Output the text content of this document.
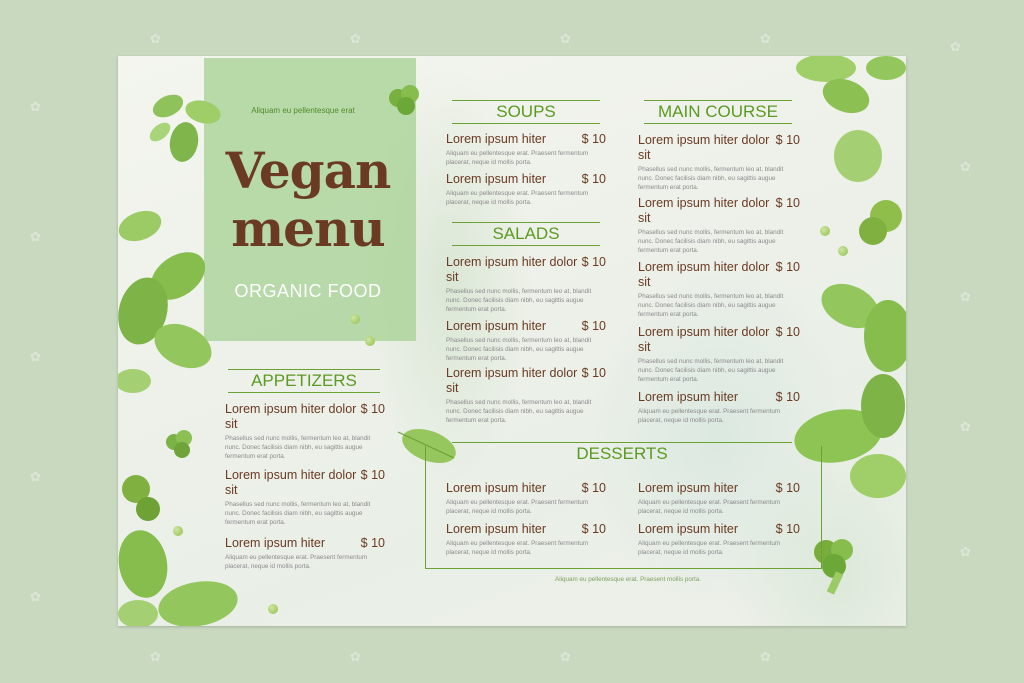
✿	✿	✿	✿
✿
✿
✿
✿
✿
✿
✿
✿
✿
✿
✿	✿	✿	✿
Aliquam eu pellentesque erat
Vegan
menu
ORGANIC FOOD
APPETIZERS
Lorem ipsum hiter dolor sit
$ 10
Phasellus sed nunc mollis, fermentum leo at, blandit nunc. Donec facilisis diam nibh, eu sagittis augue fermentum erat porta.
Lorem ipsum hiter dolor sit
$ 10
Phasellus sed nunc mollis, fermentum leo at, blandit nunc. Donec facilisis diam nibh, eu sagittis augue fermentum erat porta.
Lorem ipsum hiter	$ 10
Aliquam eu pellentesque erat. Praesent fermentum placerat, neque id mollis porta.
SOUPS
Lorem ipsum hiter	$ 10
Aliquam eu pellentesque erat. Praesent fermentum placerat, neque id mollis porta.
Lorem ipsum hiter	$ 10
Aliquam eu pellentesque erat. Praesent fermentum placerat, neque id mollis porta.
SALADS
Lorem ipsum hiter dolor sit
$ 10
Phasellus sed nunc mollis, fermentum leo at, blandit nunc. Donec facilisis diam nibh, eu sagittis augue fermentum erat porta.
Lorem ipsum hiter	$ 10
Phasellus sed nunc mollis, fermentum leo at, blandit nunc. Donec facilisis diam nibh, eu sagittis augue fermentum erat porta.
Lorem ipsum hiter dolor sit
$ 10
Phasellus sed nunc mollis, fermentum leo at, blandit nunc. Donec facilisis diam nibh, eu sagittis augue fermentum erat porta.
MAIN COURSE
Lorem ipsum hiter dolor sit
$ 10
Phasellus sed nunc mollis, fermentum leo at, blandit nunc. Donec facilisis diam nibh, eu sagittis augue fermentum erat porta.
Lorem ipsum hiter dolor sit
$ 10
Phasellus sed nunc mollis, fermentum leo at, blandit nunc. Donec facilisis diam nibh, eu sagittis augue fermentum erat porta.
Lorem ipsum hiter dolor sit
$ 10
Phasellus sed nunc mollis, fermentum leo at, blandit nunc. Donec facilisis diam nibh, eu sagittis augue fermentum erat porta.
Lorem ipsum hiter dolor sit
$ 10
Phasellus sed nunc mollis, fermentum leo at, blandit nunc. Donec facilisis diam nibh, eu sagittis augue fermentum erat porta.
Lorem ipsum hiter	$ 10
Aliquam eu pellentesque erat. Praesent fermentum placerat, neque id mollis porta.
DESSERTS
Lorem ipsum hiter	$ 10
Aliquam eu pellentesque erat. Praesent fermentum placerat, neque id mollis porta.
Lorem ipsum hiter	$ 10
Aliquam eu pellentesque erat. Praesent fermentum placerat, neque id mollis porta.
Lorem ipsum hiter	$ 10
Aliquam eu pellentesque erat. Praesent fermentum placerat, neque id mollis porta.
Lorem ipsum hiter	$ 10
Aliquam eu pellentesque erat. Praesent fermentum placerat, neque id mollis porta.
Aliquam eu pellentesque erat. Praesent mollis porta.
